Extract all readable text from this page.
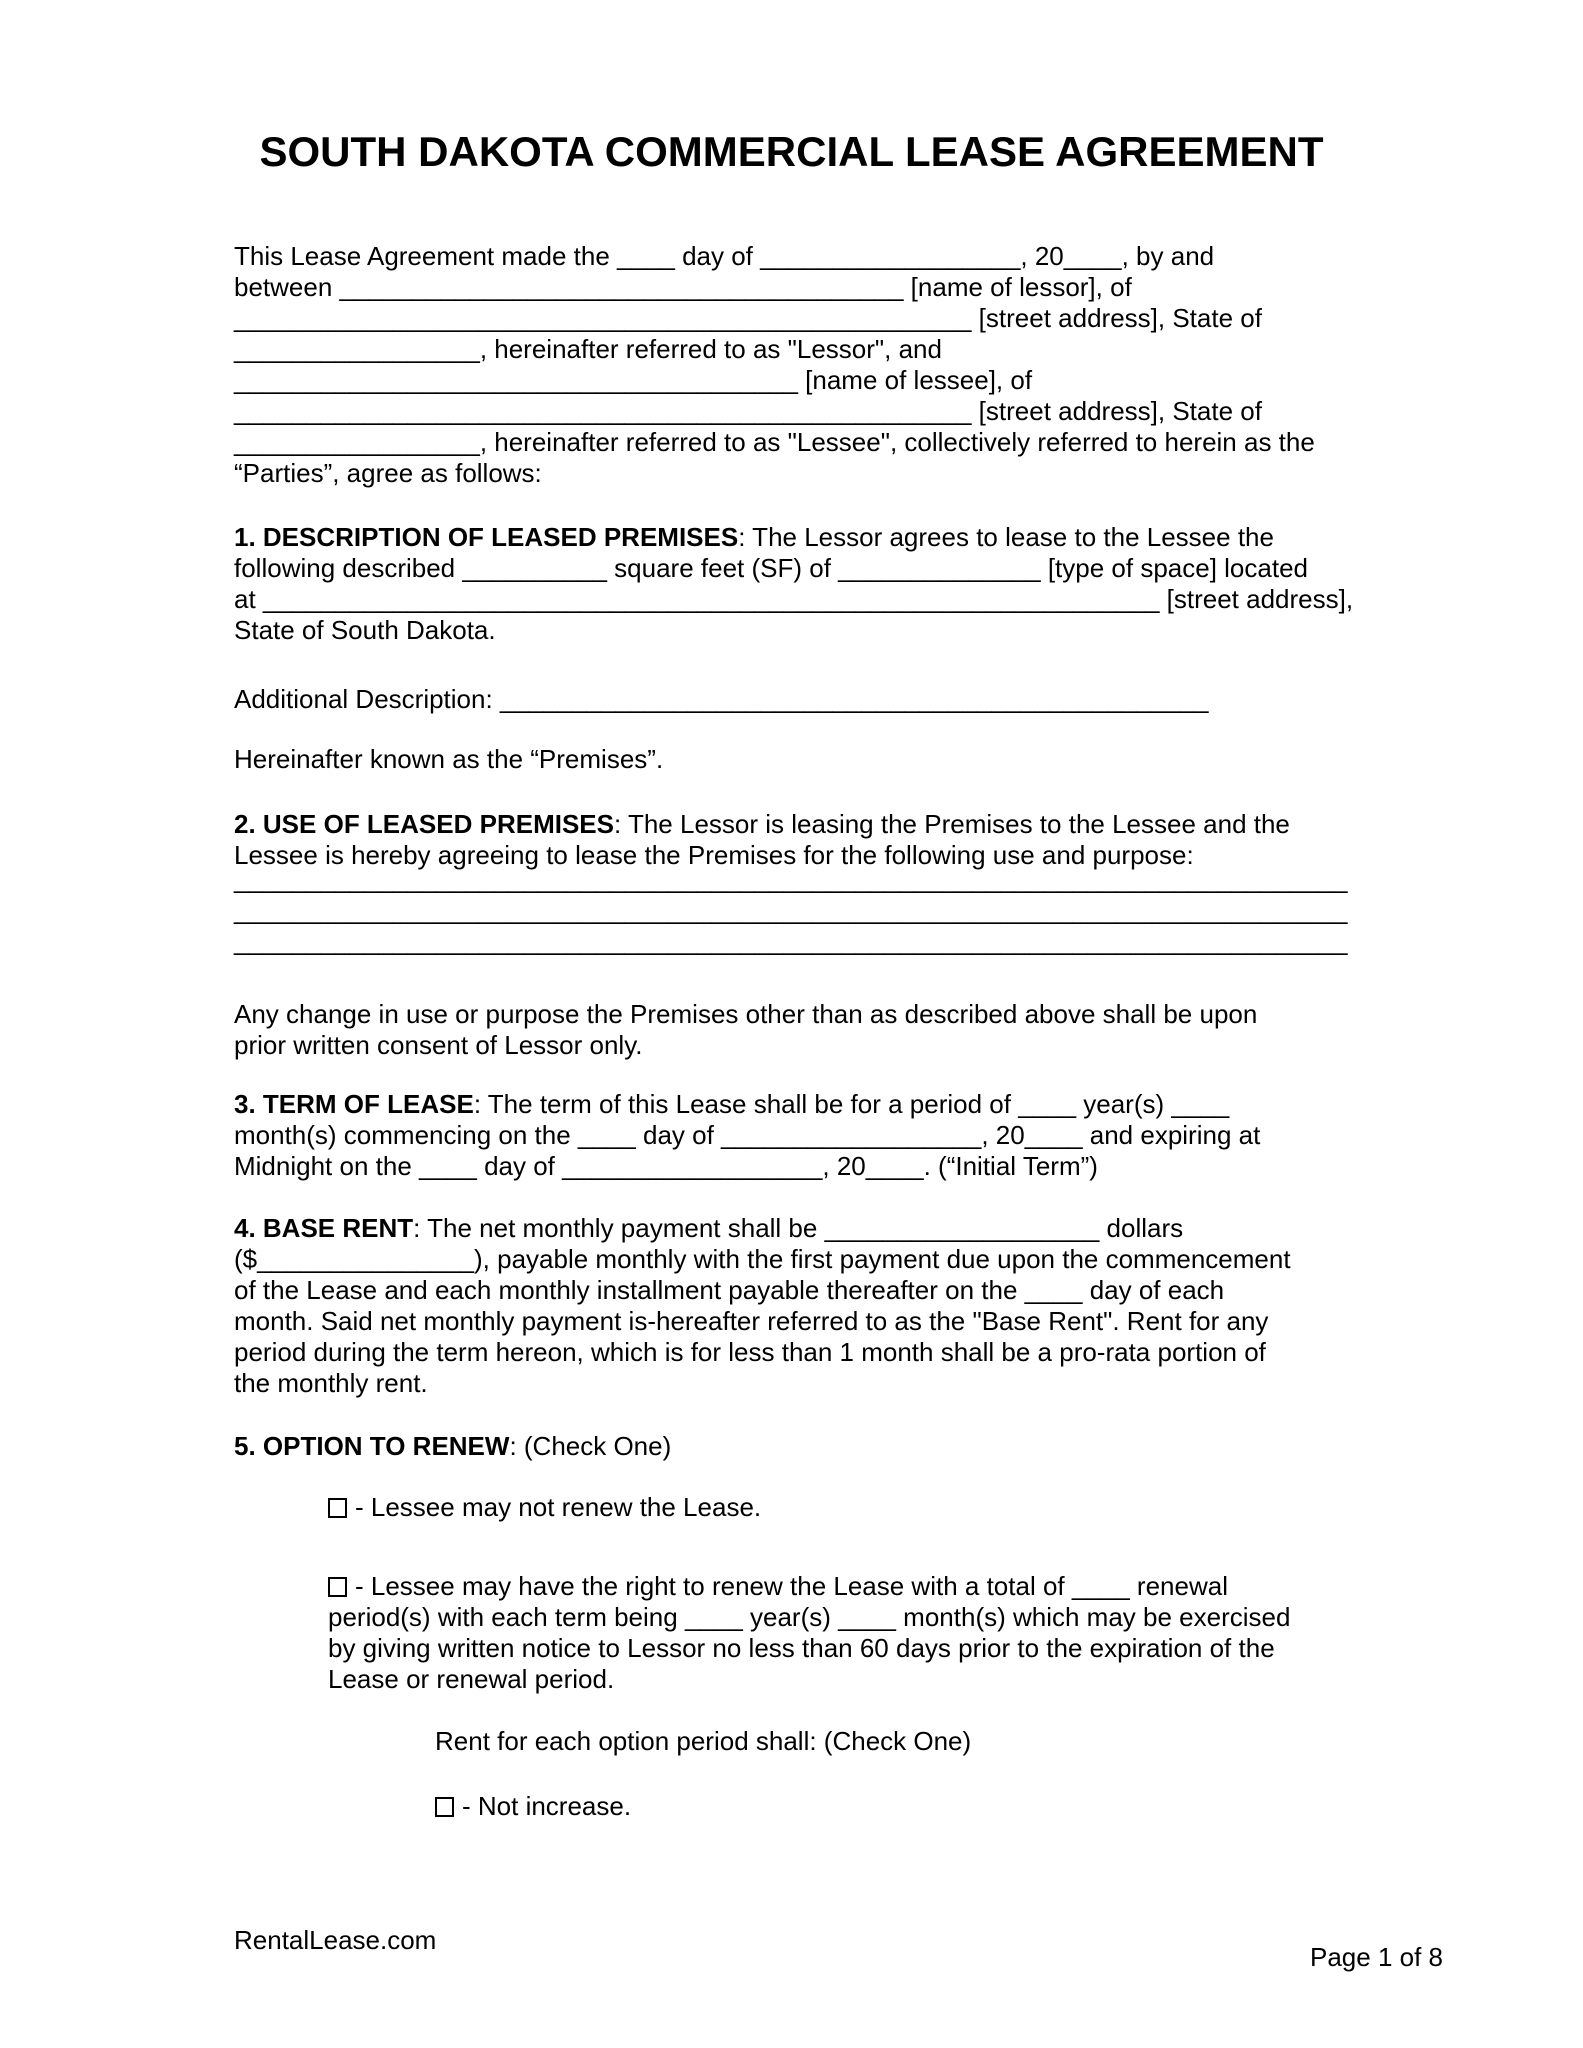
SOUTH DAKOTA COMMERCIAL LEASE AGREEMENT
This Lease Agreement made the ____ day of __________________, 20____, by and
between _______________________________________ [name of lessor], of
___________________________________________________ [street address], State of
_________________, hereinafter referred to as "Lessor", and
_______________________________________ [name of lessee], of
___________________________________________________ [street address], State of
_________________, hereinafter referred to as "Lessee", collectively referred to herein as the
“Parties”, agree as follows:
1. DESCRIPTION OF LEASED PREMISES: The Lessor agrees to lease to the Lessee the
following described __________ square feet (SF) of ______________ [type of space] located
at ______________________________________________________________ [street address],
State of South Dakota.
Additional Description: _________________________________________________
Hereinafter known as the “Premises”.
2. USE OF LEASED PREMISES: The Lessor is leasing the Premises to the Lessee and the
Lessee is hereby agreeing to lease the Premises for the following use and purpose:
_____________________________________________________________________________
_____________________________________________________________________________
_____________________________________________________________________________
Any change in use or purpose the Premises other than as described above shall be upon
prior written consent of Lessor only.
3. TERM OF LEASE: The term of this Lease shall be for a period of ____ year(s) ____
month(s) commencing on the ____ day of __________________, 20____ and expiring at
Midnight on the ____ day of __________________, 20____. (“Initial Term”)
4. BASE RENT: The net monthly payment shall be ___________________ dollars
($_______________), payable monthly with the first payment due upon the commencement
of the Lease and each monthly installment payable thereafter on the ____ day of each
month. Said net monthly payment is-hereafter referred to as the "Base Rent". Rent for any
period during the term hereon, which is for less than 1 month shall be a pro-rata portion of
the monthly rent.
5. OPTION TO RENEW: (Check One)
- Lessee may not renew the Lease.
- Lessee may have the right to renew the Lease with a total of ____ renewal
period(s) with each term being ____ year(s) ____ month(s) which may be exercised
by giving written notice to Lessor no less than 60 days prior to the expiration of the
Lease or renewal period.
Rent for each option period shall: (Check One)
- Not increase.
RentalLease.com
Page 1 of 8
